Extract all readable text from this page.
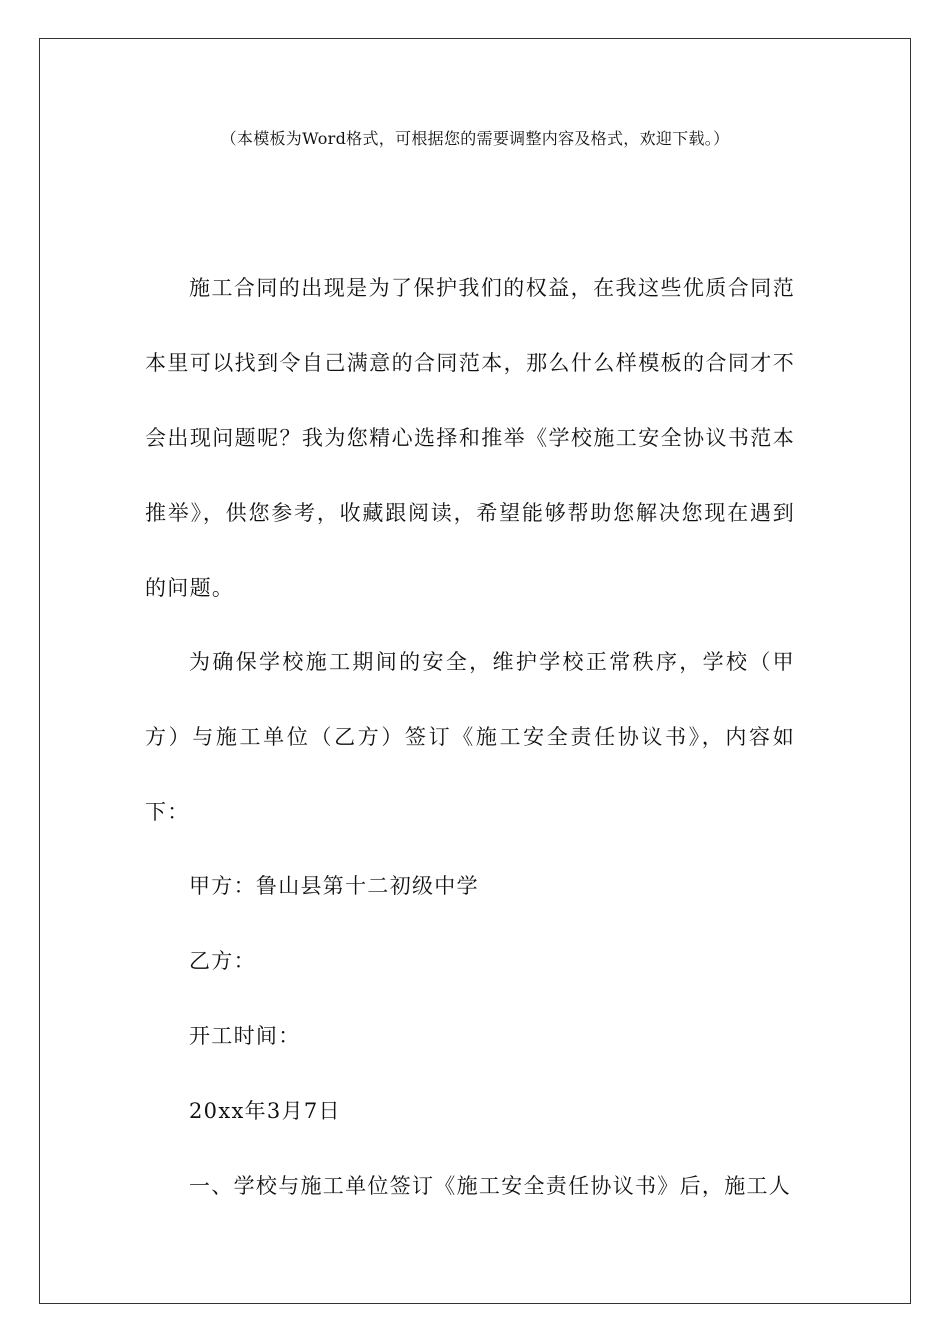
（本模板为Word格式，可根据您的需要调整内容及格式，欢迎下载。）

施工合同的出现是为了保护我们的权益，在我这些优质合同范本里可以找到令自己满意的合同范本，那么什么样模板的合同才不会出现问题呢？我为您精心选择和推举《学校施工安全协议书范本推举》，供您参考，收藏跟阅读，希望能够帮助您解决您现在遇到的问题。

为确保学校施工期间的安全，维护学校正常秩序，学校（甲方）与施工单位（乙方）签订《施工安全责任协议书》，内容如下：

甲方：鲁山县第十二初级中学
乙方：
开工时间：
20xx年3月7日
一、学校与施工单位签订《施工安全责任协议书》后，施工人
